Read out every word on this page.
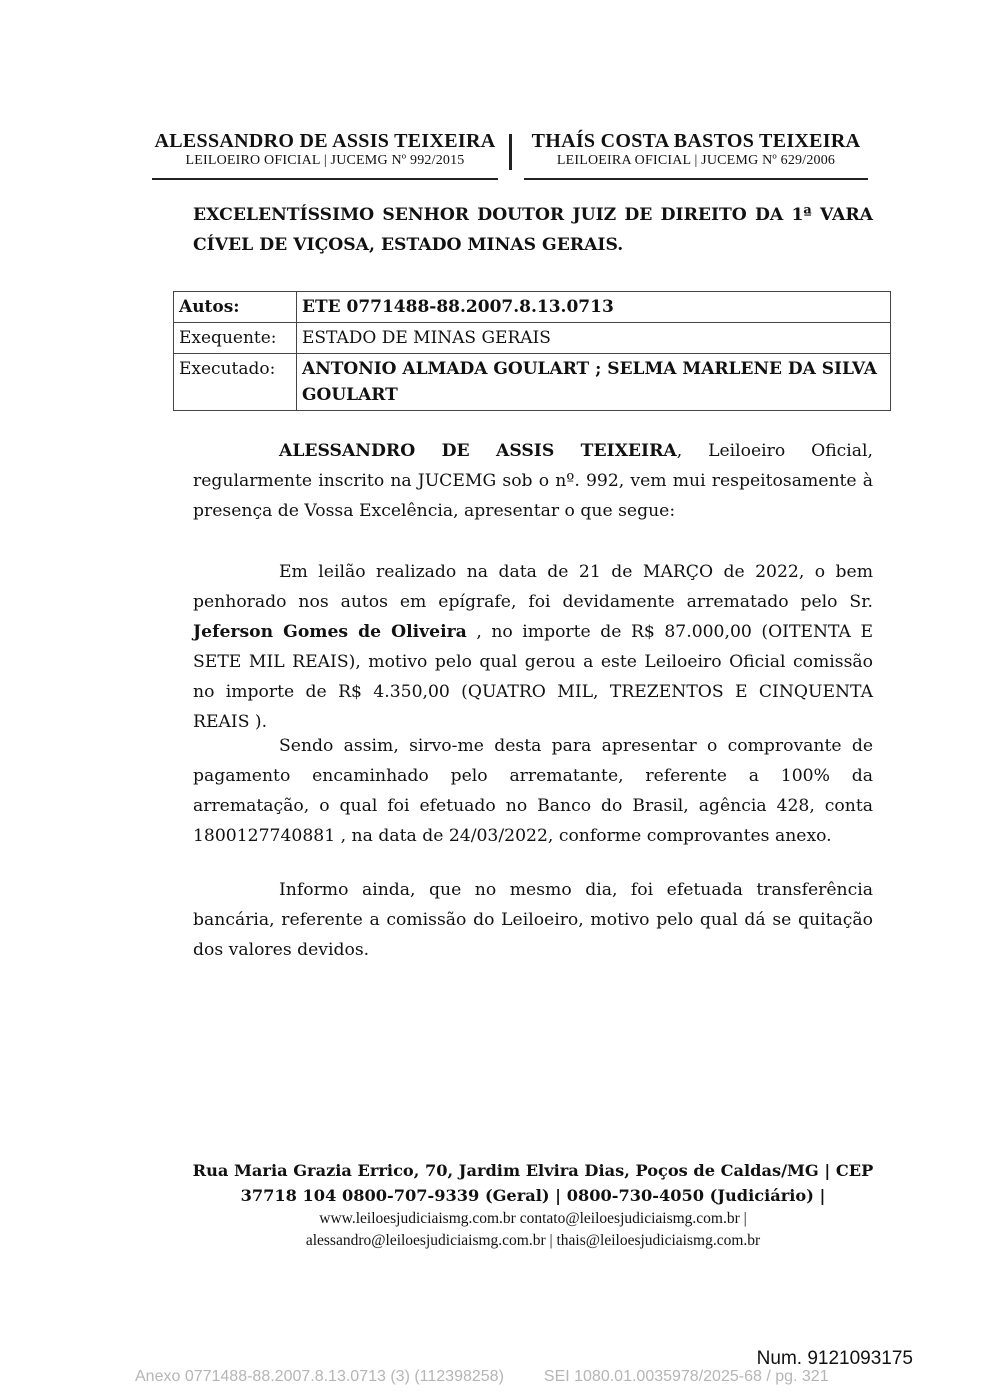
ALESSANDRO DE ASSIS TEIXEIRA
LEILOEIRO OFICIAL | JUCEMG Nº 992/2015
THAÍS COSTA BASTOS TEIXEIRA
LEILOEIRA OFICIAL | JUCEMG Nº 629/2006
EXCELENTÍSSIMO SENHOR DOUTOR JUIZ DE DIREITO DA 1ª VARA CÍVEL DE VIÇOSA, ESTADO MINAS GERAIS.
Autos:	ETE 0771488-88.2007.8.13.0713
Exequente:	ESTADO DE MINAS GERAIS
Executado:	ANTONIO ALMADA GOULART ; SELMA MARLENE DA SILVA GOULART
ALESSANDRO DE ASSIS TEIXEIRA, Leiloeiro Oficial, regularmente inscrito na JUCEMG sob o nº. 992, vem mui respeitosamente à presença de Vossa Excelência, apresentar o que segue:
Em leilão realizado na data de 21 de MARÇO de 2022, o bem penhorado nos autos em epígrafe, foi devidamente arrematado pelo Sr. Jeferson Gomes de Oliveira , no importe de R$ 87.000,00 (OITENTA E SETE MIL REAIS), motivo pelo qual gerou a este Leiloeiro Oficial comissão no importe de R$ 4.350,00 (QUATRO MIL, TREZENTOS E CINQUENTA REAIS ).
Sendo assim, sirvo-me desta para apresentar o comprovante de pagamento encaminhado pelo arrematante, referente a 100% da arrematação, o qual foi efetuado no Banco do Brasil, agência 428, conta 1800127740881 , na data de 24/03/2022, conforme comprovantes anexo.
Informo ainda, que no mesmo dia, foi efetuada transferência bancária, referente a comissão do Leiloeiro, motivo pelo qual dá se quitação dos valores devidos.
Rua Maria Grazia Errico, 70, Jardim Elvira Dias, Poços de Caldas/MG | CEP
37718 104 0800-707-9339 (Geral) | 0800-730-4050 (Judiciário) |
www.leiloesjudiciaismg.com.br contato@leiloesjudiciaismg.com.br |
alessandro@leiloesjudiciaismg.com.br | thais@leiloesjudiciaismg.com.br
Num. 9121093175
Anexo 0771488-88.2007.8.13.0713 (3) (112398258)         SEI 1080.01.0035978/2025-68 / pg. 321
